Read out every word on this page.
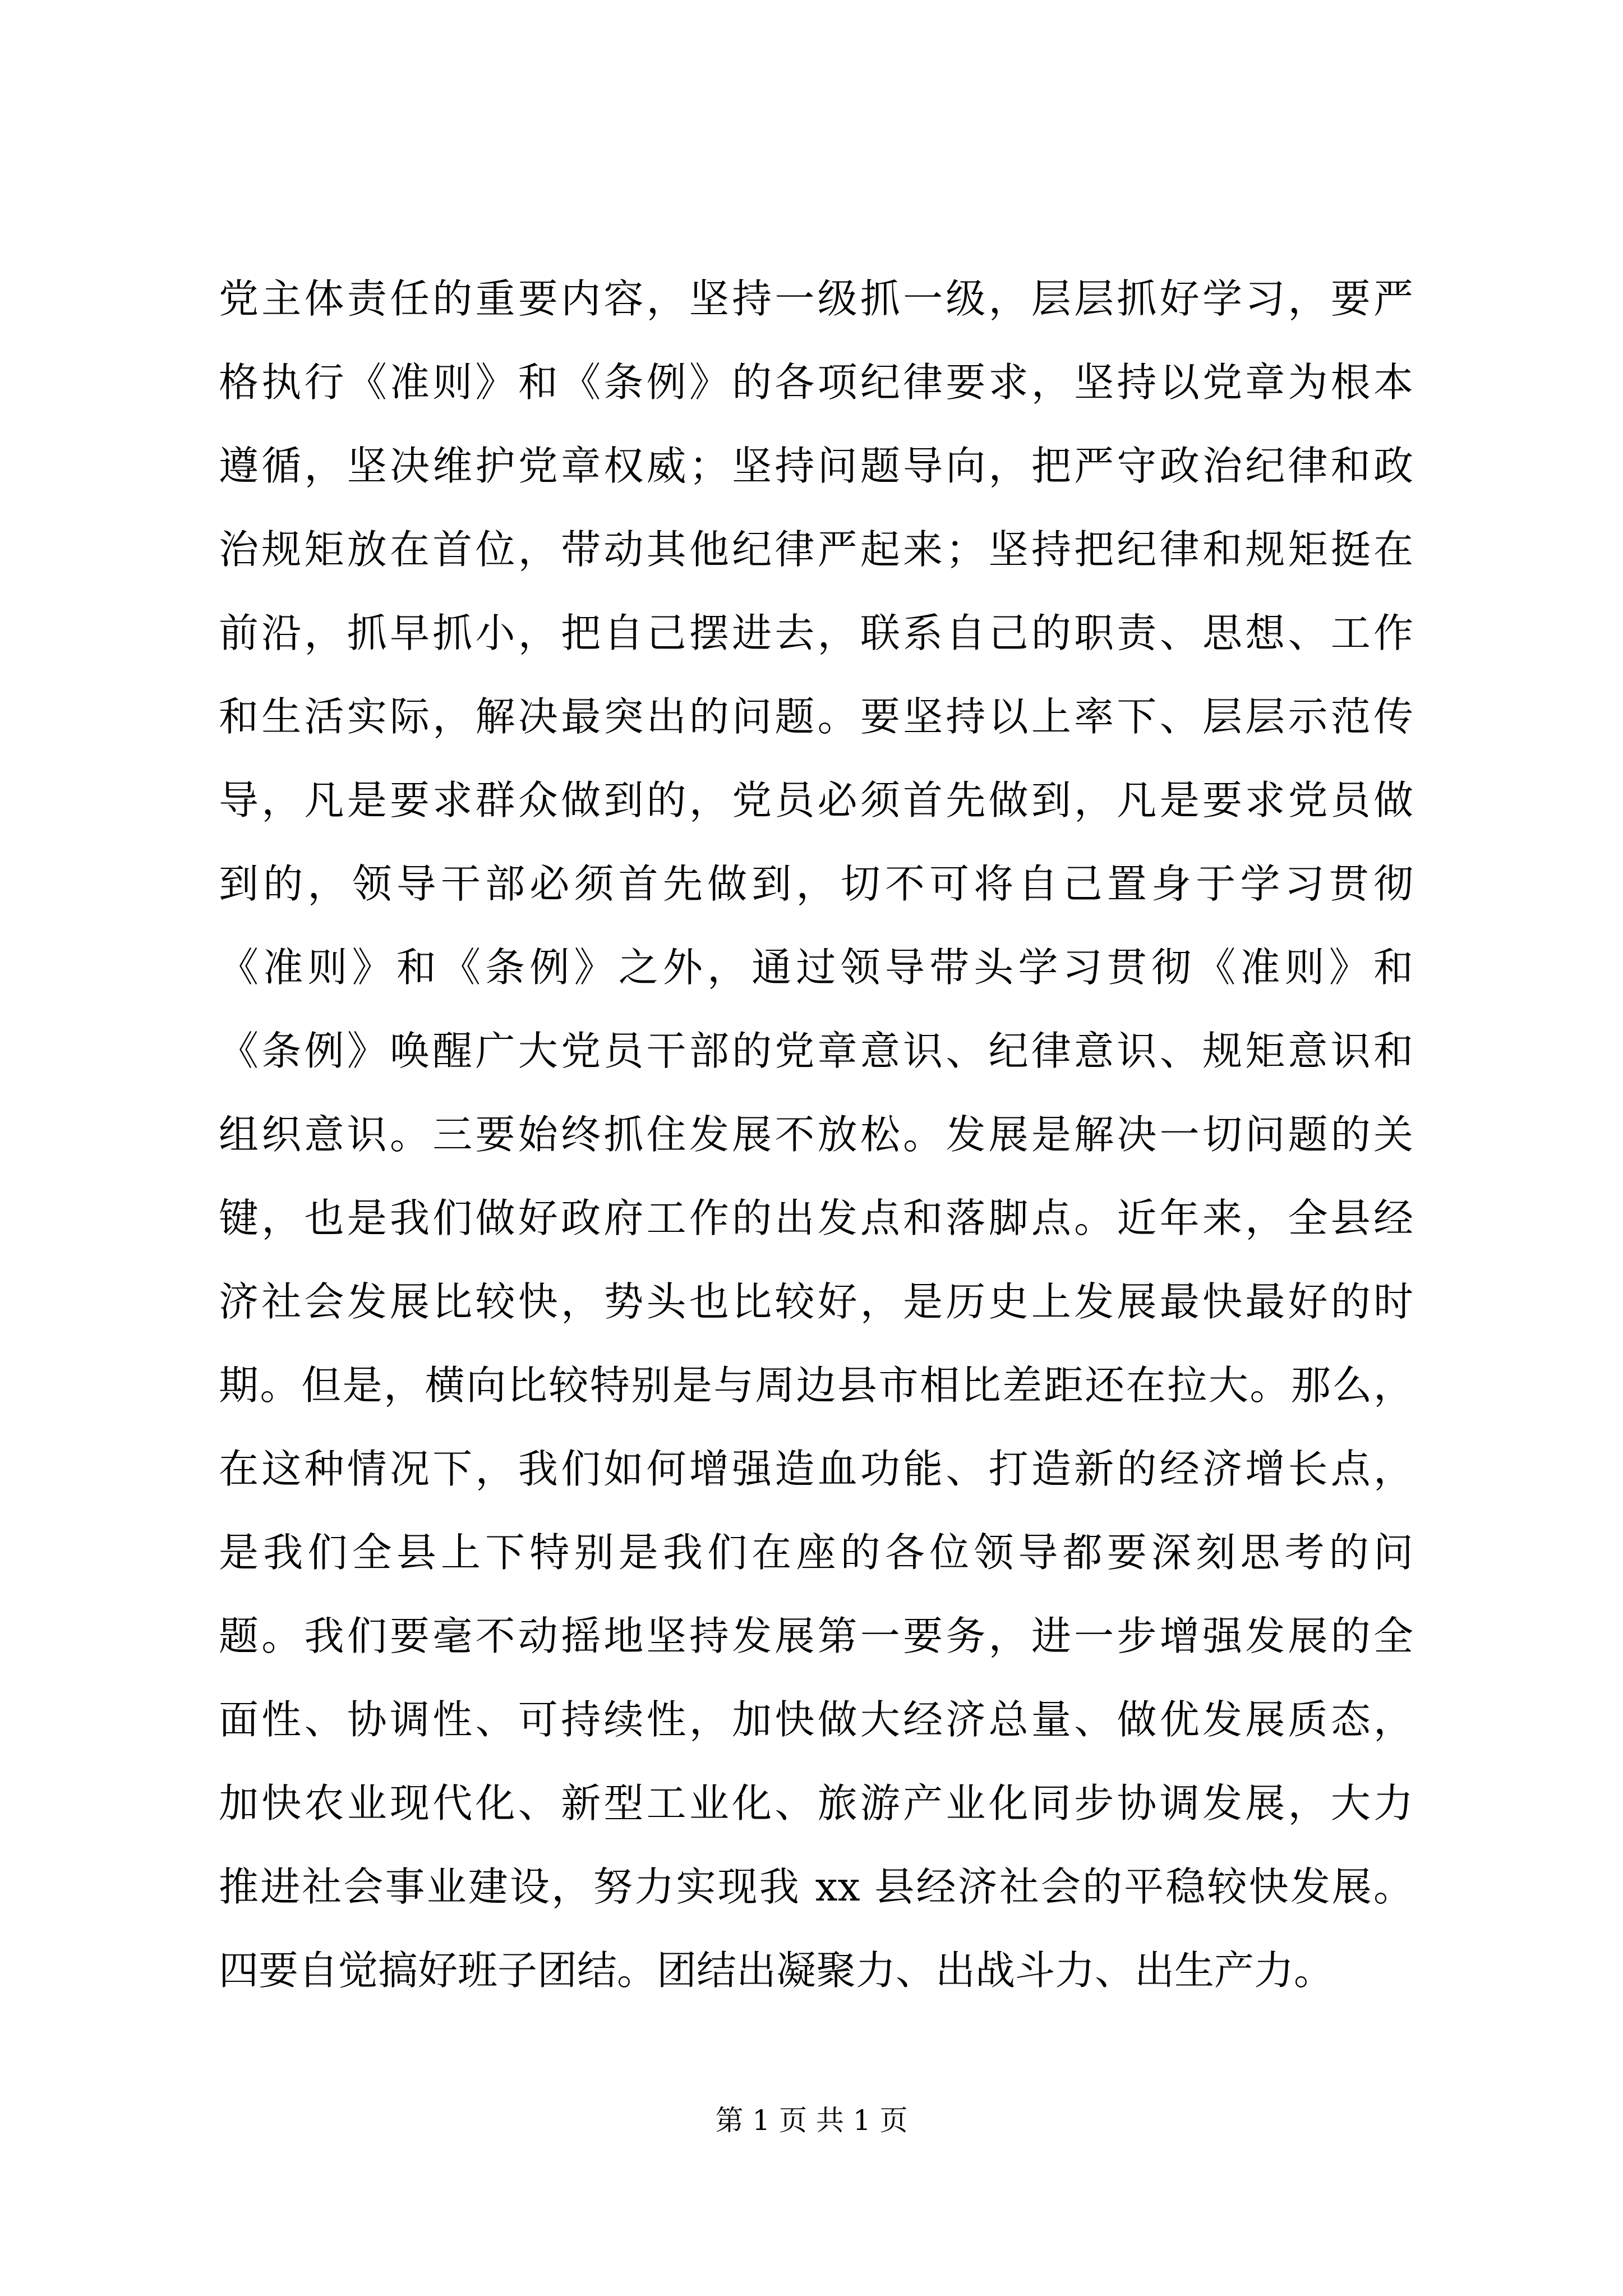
党主体责任的重要内容，坚持一级抓一级，层层抓好学习，要严
格执行《准则》和《条例》的各项纪律要求，坚持以党章为根本
遵循，坚决维护党章权威；坚持问题导向，把严守政治纪律和政
治规矩放在首位，带动其他纪律严起来；坚持把纪律和规矩挺在
前沿，抓早抓小，把自己摆进去，联系自己的职责、思想、工作
和生活实际，解决最突出的问题。要坚持以上率下、层层示范传
导，凡是要求群众做到的，党员必须首先做到，凡是要求党员做
到的，领导干部必须首先做到，切不可将自己置身于学习贯彻
《准则》和《条例》之外，通过领导带头学习贯彻《准则》和
《条例》唤醒广大党员干部的党章意识、纪律意识、规矩意识和
组织意识。三要始终抓住发展不放松。发展是解决一切问题的关
键，也是我们做好政府工作的出发点和落脚点。近年来，全县经
济社会发展比较快，势头也比较好，是历史上发展最快最好的时
期。但是，横向比较特别是与周边县市相比差距还在拉大。那么，
在这种情况下，我们如何增强造血功能、打造新的经济增长点，
是我们全县上下特别是我们在座的各位领导都要深刻思考的问
题。我们要毫不动摇地坚持发展第一要务，进一步增强发展的全
面性、协调性、可持续性，加快做大经济总量、做优发展质态，
加快农业现代化、新型工业化、旅游产业化同步协调发展，大力
推进社会事业建设，努力实现我 xx 县经济社会的平稳较快发展。
四要自觉搞好班子团结。团结出凝聚力、出战斗力、出生产力。
第 1 页 共 1 页
